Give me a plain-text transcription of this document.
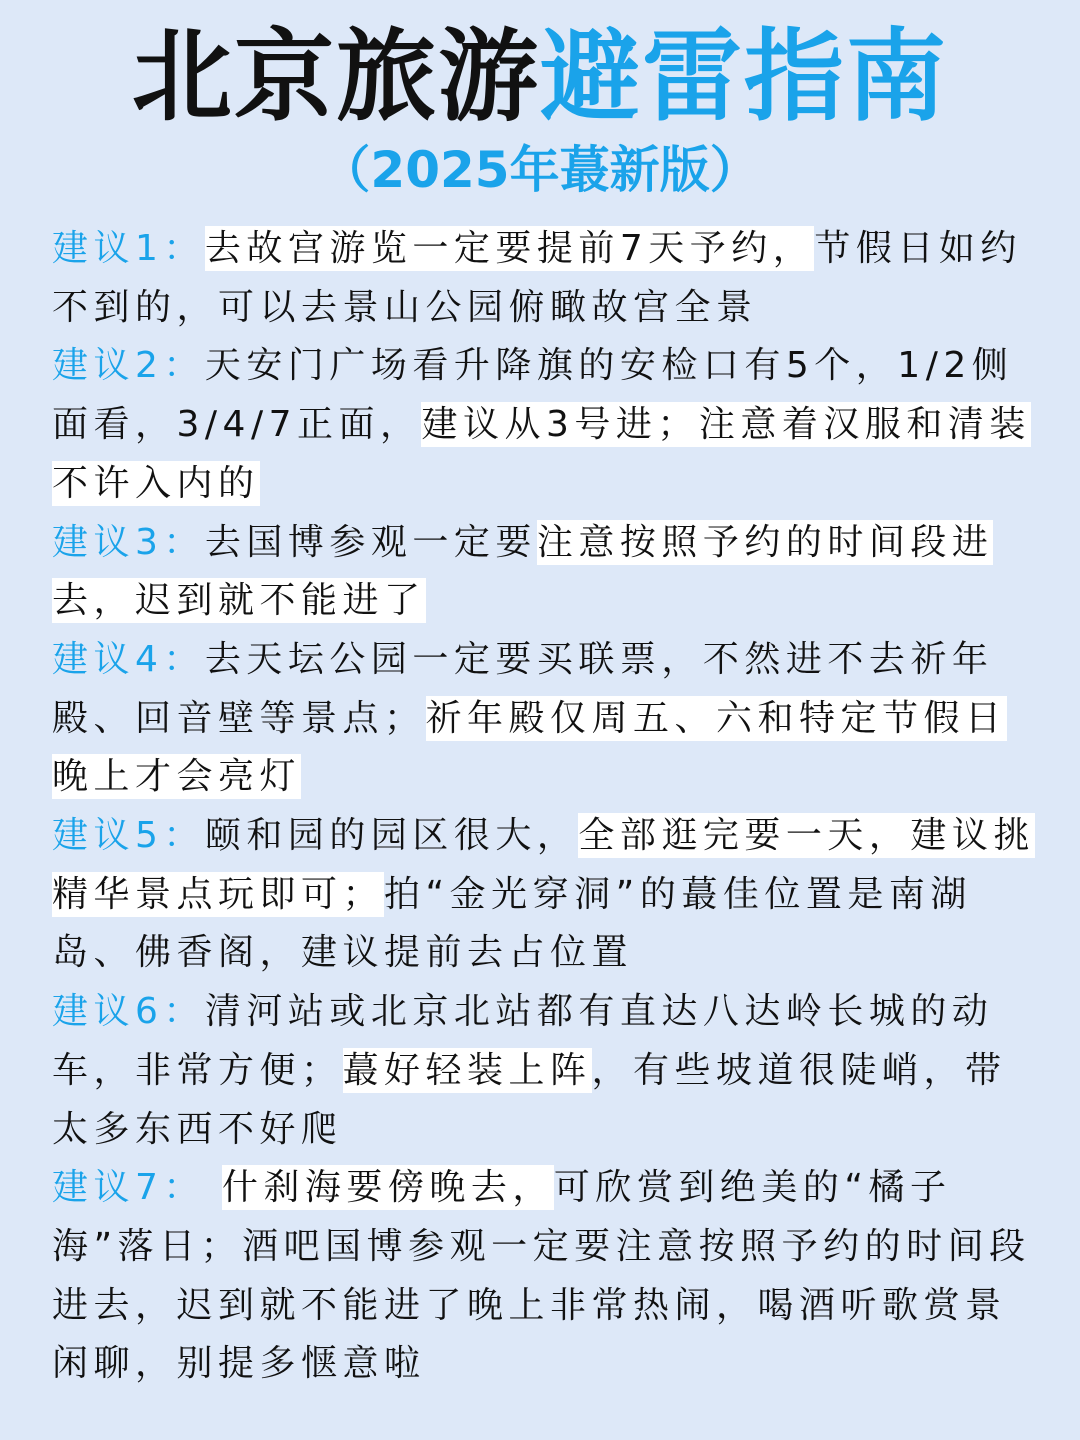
北京旅游避雷指南
（2025年蕞新版）

建议1：去故宫游览一定要提前7天予约，节假日如约不到的，可以去景山公园俯瞰故宫全景

建议2：天安门广场看升降旗的安检口有5个，1/2侧面看，3/4/7正面，建议从3号进；注意着汉服和清装不许入内的

建议3：去国博参观一定要注意按照予约的时间段进去，迟到就不能进了

建议4：去天坛公园一定要买联票，不然进不去祈年殿、回音壁等景点；祈年殿仅周五、六和特定节假日晚上才会亮灯

建议5：颐和园的园区很大，全部逛完要一天，建议挑精华景点玩即可；拍“金光穿洞”的蕞佳位置是南湖岛、佛香阁，建议提前去占位置

建议6：清河站或北京北站都有直达八达岭长城的动车，非常方便；蕞好轻装上阵，有些坡道很陡峭，带太多东西不好爬

建议7： 什刹海要傍晚去，可欣赏到绝美的“橘子海”落日；酒吧国博参观一定要注意按照予约的时间段进去，迟到就不能进了晚上非常热闹，喝酒听歌赏景闲聊，别提多惬意啦
